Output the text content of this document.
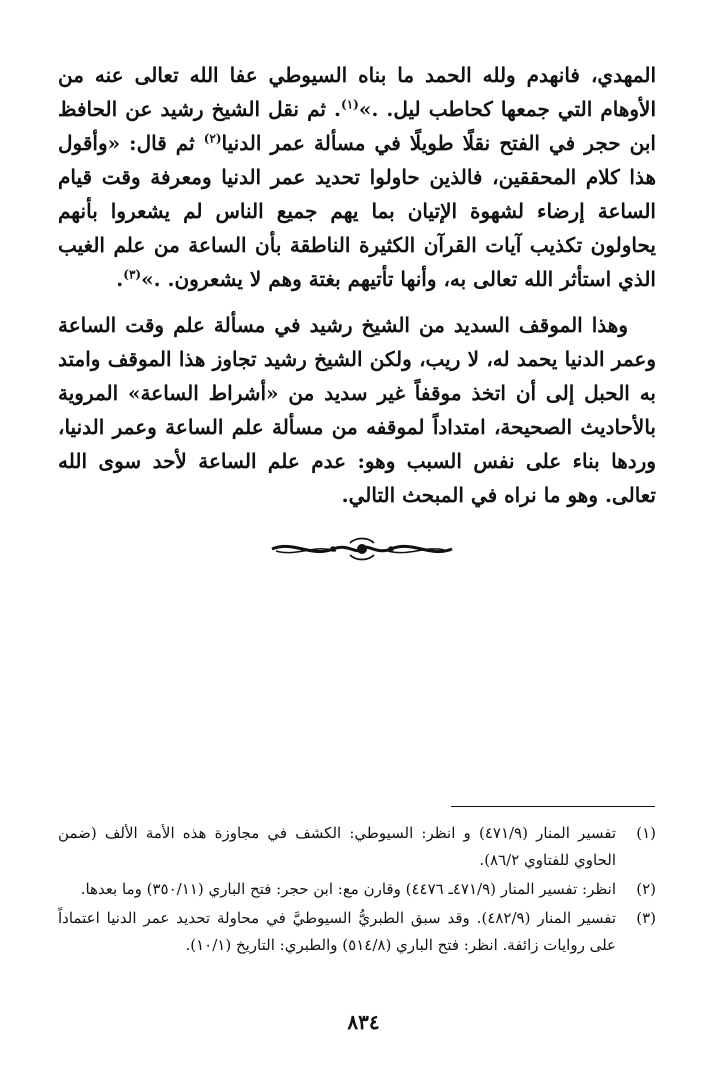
المهدي، فانهدم ولله الحمد ما بناه السيوطي عفا الله تعالى عنه من الأوهام التي جمعها كحاطب ليل. .»$^{(١)}$. ثم نقل الشيخ رشيد عن الحافظ ابن حجر في الفتح نقلًا طويلًا في مسألة عمر الدنيا$^{(٢)}$ ثم قال: «وأقول هذا كلام المحققين، فالذين حاولوا تحديد عمر الدنيا ومعرفة وقت قيام الساعة إرضاء لشهوة الإتيان بما يهم جميع الناس لم يشعروا بأنهم يحاولون تكذيب آيات القرآن الكثيرة الناطقة بأن الساعة من علم الغيب الذي استأثر الله تعالى به، وأنها تأتيهم بغتة وهم لا يشعرون. .»$^{(٣)}$.

وهذا الموقف السديد من الشيخ رشيد في مسألة علم وقت الساعة وعمر الدنيا يحمد له، لا ريب، ولكن الشيخ رشيد تجاوز هذا الموقف وامتد به الحبل إلى أن اتخذ موقفاً غير سديد من «أشراط الساعة» المروية بالأحاديث الصحيحة، امتداداً لموقفه من مسألة علم الساعة وعمر الدنيا، وردها بناء على نفس السبب وهو: عدم علم الساعة لأحد سوى الله تعالى. وهو ما نراه في المبحث التالي.

(١)
تفسير المنار (٤٧١/٩) و انظر: السيوطي: الكشف في مجاوزة هذه الأمة الألف (ضمن الحاوي للفتاوي ٨٦/٢).
(٢)
انظر: تفسير المنار (٤٧١/٩ـ ٤٤٧٦) وقارن مع: ابن حجر: فتح الباري (٣٥٠/١١) وما بعدها.
(٣)
تفسير المنار (٤٨٢/٩). وقد سبق الطبريُّ السيوطيَّ في محاولة تحديد عمر الدنيا اعتماداً على روايات زائفة. انظر: فتح الباري (٥١٤/٨) والطبري: التاريخ (١٠/١).
٨٣٤
